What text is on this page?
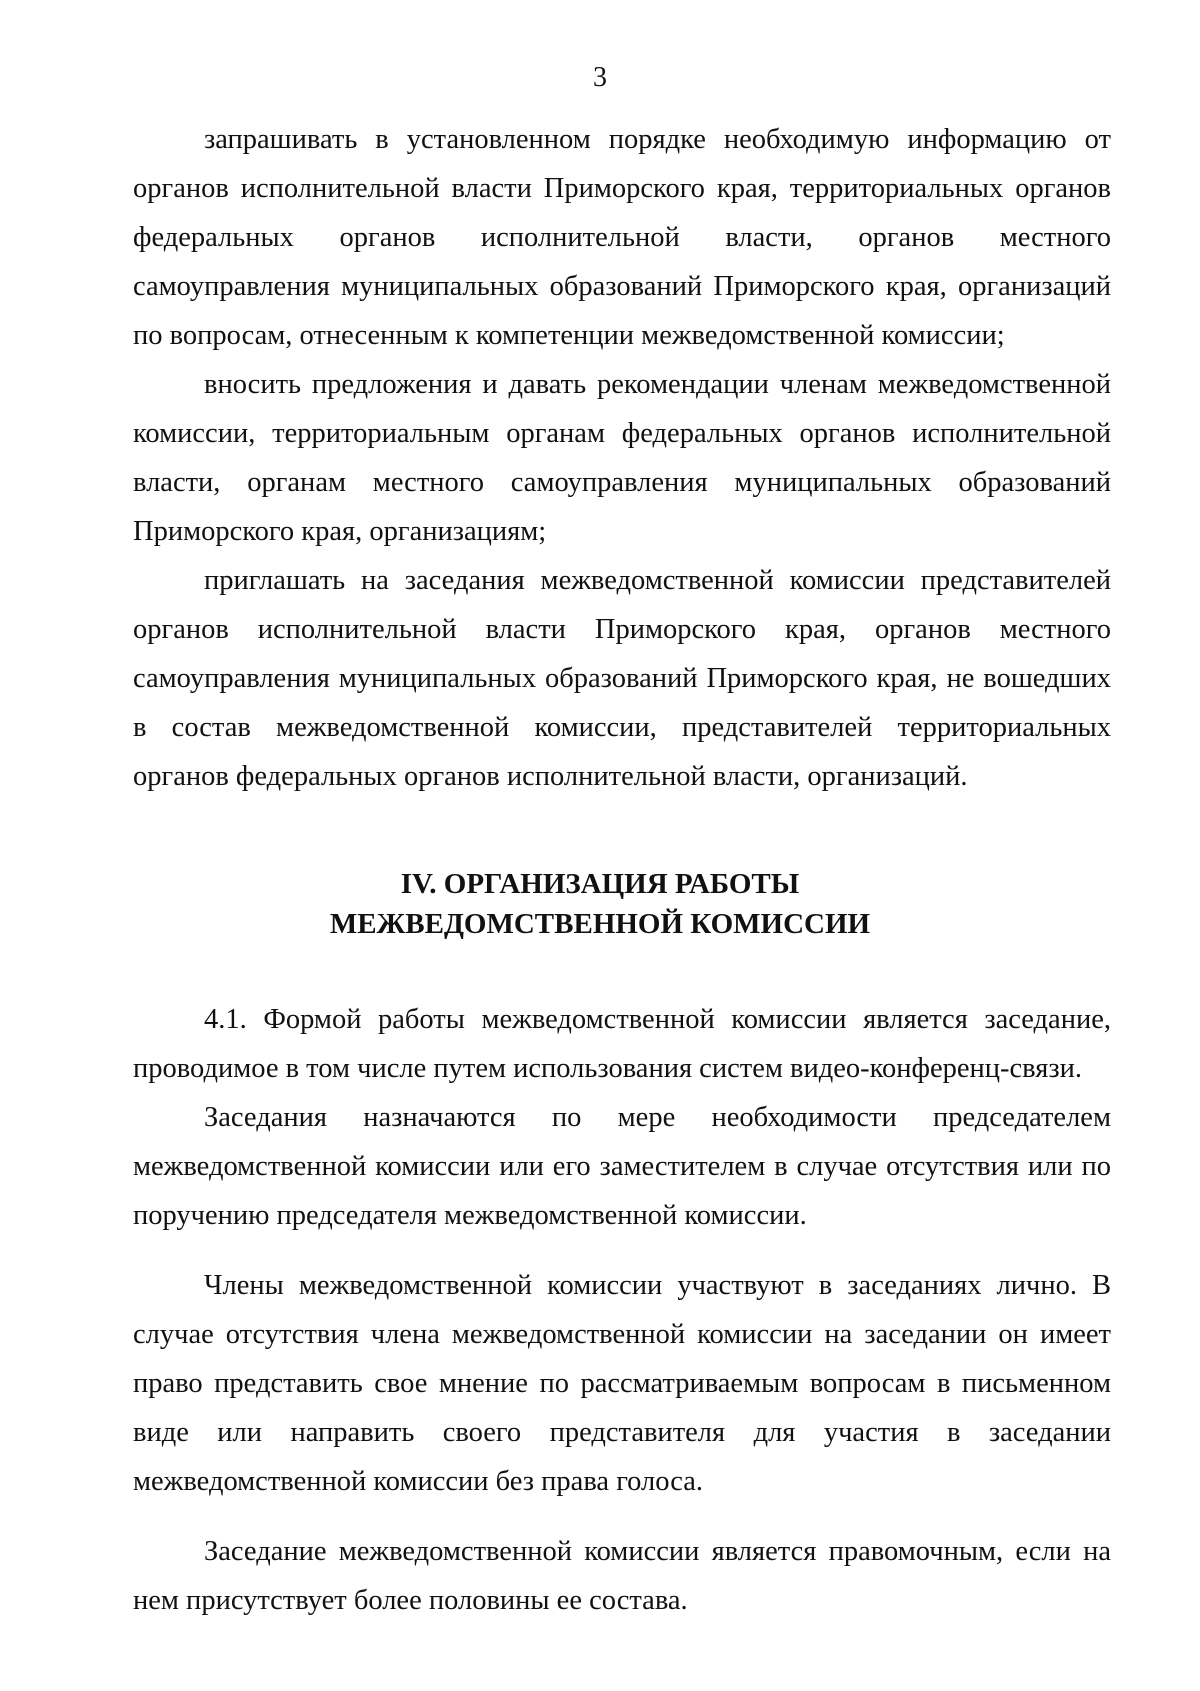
3

запрашивать в установленном порядке необходимую информацию от органов исполнительной власти Приморского края, территориальных органов федеральных органов исполнительной власти, органов местного самоуправления муниципальных образований Приморского края, организаций по вопросам, отнесенным к компетенции межведомственной комиссии;

вносить предложения и давать рекомендации членам межведомственной комиссии, территориальным органам федеральных органов исполнительной власти, органам местного самоуправления муниципальных образований Приморского края, организациям;

приглашать на заседания межведомственной комиссии представителей органов исполнительной власти Приморского края, органов местного самоуправления муниципальных образований Приморского края, не вошедших в состав межведомственной комиссии, представителей территориальных органов федеральных органов исполнительной власти, организаций.

IV. ОРГАНИЗАЦИЯ РАБОТЫ
МЕЖВЕДОМСТВЕННОЙ КОМИССИИ

4.1. Формой работы межведомственной комиссии является заседание, проводимое в том числе путем использования систем видео-конференц-связи.

Заседания назначаются по мере необходимости председателем межведомственной комиссии или его заместителем в случае отсутствия или по поручению председателя межведомственной комиссии.

Члены межведомственной комиссии участвуют в заседаниях лично. В случае отсутствия члена межведомственной комиссии на заседании он имеет право представить свое мнение по рассматриваемым вопросам в письменном виде или направить своего представителя для участия в заседании межведомственной комиссии без права голоса.

Заседание межведомственной комиссии является правомочным, если на нем присутствует более половины ее состава.
